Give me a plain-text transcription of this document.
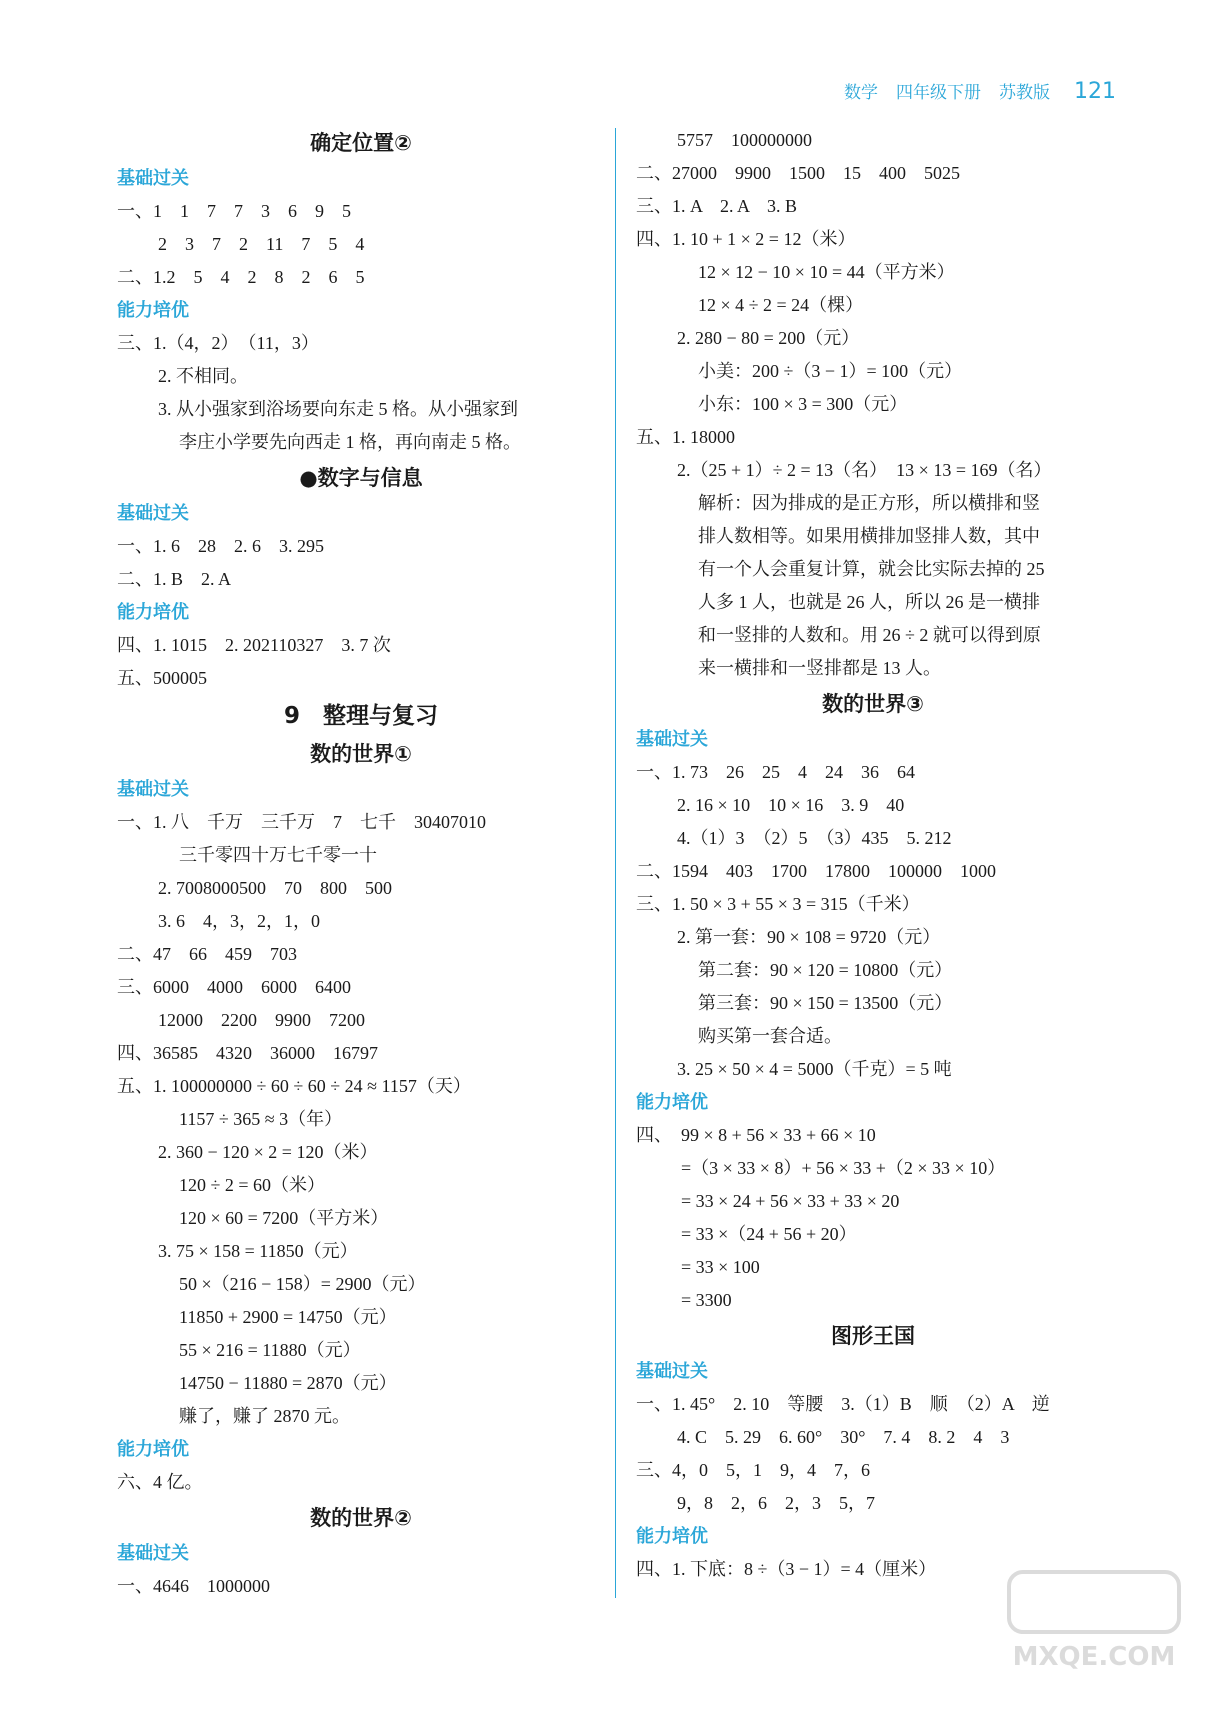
数学 四年级下册 苏教版 121
确定位置②
基础过关
一、1　1　7　7　3　6　9　5
2　3　7　2　11　7　5　4
二、1.2　5　4　2　8　2　6　5
能力培优
三、1.（4，2）　（11，3）
2. 不相同。
3. 从小强家到浴场要向东走 5 格。从小强家到
李庄小学要先向西走 1 格，再向南走 5 格。
●数字与信息
基础过关
一、1. 6　28　2. 6　3. 295
二、1. B　2. A
能力培优
四、1. 1015　2. 202110327　3. 7 次
五、500005
9　整理与复习
数的世界①
基础过关
一、1. 八　千万　三千万　7　七千　30407010
三千零四十万七千零一十
2. 7008000500　70　800　500
3. 6　4，3，2，1，0
二、47　66　459　703
三、6000　4000　6000　6400
12000　2200　9900　7200
四、36585　4320　36000　16797
五、1. 100000000 ÷ 60 ÷ 60 ÷ 24 ≈ 1157（天）
1157 ÷ 365 ≈ 3（年）
2. 360 − 120 × 2 = 120（米）
120 ÷ 2 = 60（米）
120 × 60 = 7200（平方米）
3. 75 × 158 = 11850（元）
50 ×（216 − 158）= 2900（元）
11850 + 2900 = 14750（元）
55 × 216 = 11880（元）
14750 − 11880 = 2870（元）
赚了，赚了 2870 元。
能力培优
六、4 亿。
数的世界②
基础过关
一、4646　1000000
5757　100000000
二、27000　9900　1500　15　400　5025
三、1. A　2. A　3. B
四、1. 10 + 1 × 2 = 12（米）
12 × 12 − 10 × 10 = 44（平方米）
12 × 4 ÷ 2 = 24（棵）
2. 280 − 80 = 200（元）
小美：200 ÷（3 − 1）= 100（元）
小东：100 × 3 = 300（元）
五、1. 18000
2.（25 + 1）÷ 2 = 13（名）　13 × 13 = 169（名）
解析：因为排成的是正方形，所以横排和竖
排人数相等。如果用横排加竖排人数，其中
有一个人会重复计算，就会比实际去掉的 25
人多 1 人，也就是 26 人，所以 26 是一横排
和一竖排的人数和。用 26 ÷ 2 就可以得到原
来一横排和一竖排都是 13 人。
数的世界③
基础过关
一、1. 73　26　25　4　24　36　64
2. 16 × 10　10 × 16　3. 9　40
4.（1）3　（2）5　（3）435　5. 212
二、1594　403　1700　17800　100000　1000
三、1. 50 × 3 + 55 × 3 = 315（千米）
2. 第一套：90 × 108 = 9720（元）
第二套：90 × 120 = 10800（元）
第三套：90 × 150 = 13500（元）
购买第一套合适。
3. 25 × 50 × 4 = 5000（千克）= 5 吨
能力培优
四、　99 × 8 + 56 × 33 + 66 × 10
=（3 × 33 × 8）+ 56 × 33 +（2 × 33 × 10）
= 33 × 24 + 56 × 33 + 33 × 20
= 33 ×（24 + 56 + 20）
= 33 × 100
= 3300
图形王国
基础过关
一、1. 45°　2. 10　等腰　3.（1）B　顺　（2）A　逆
4. C　5. 29　6. 60°　30°　7. 4　8. 2　4　3
三、4，0　5，1　9，4　7，6
9，8　2，6　2，3　5，7
能力培优
四、1. 下底：8 ÷（3 − 1）= 4（厘米）
MXQE.COM
